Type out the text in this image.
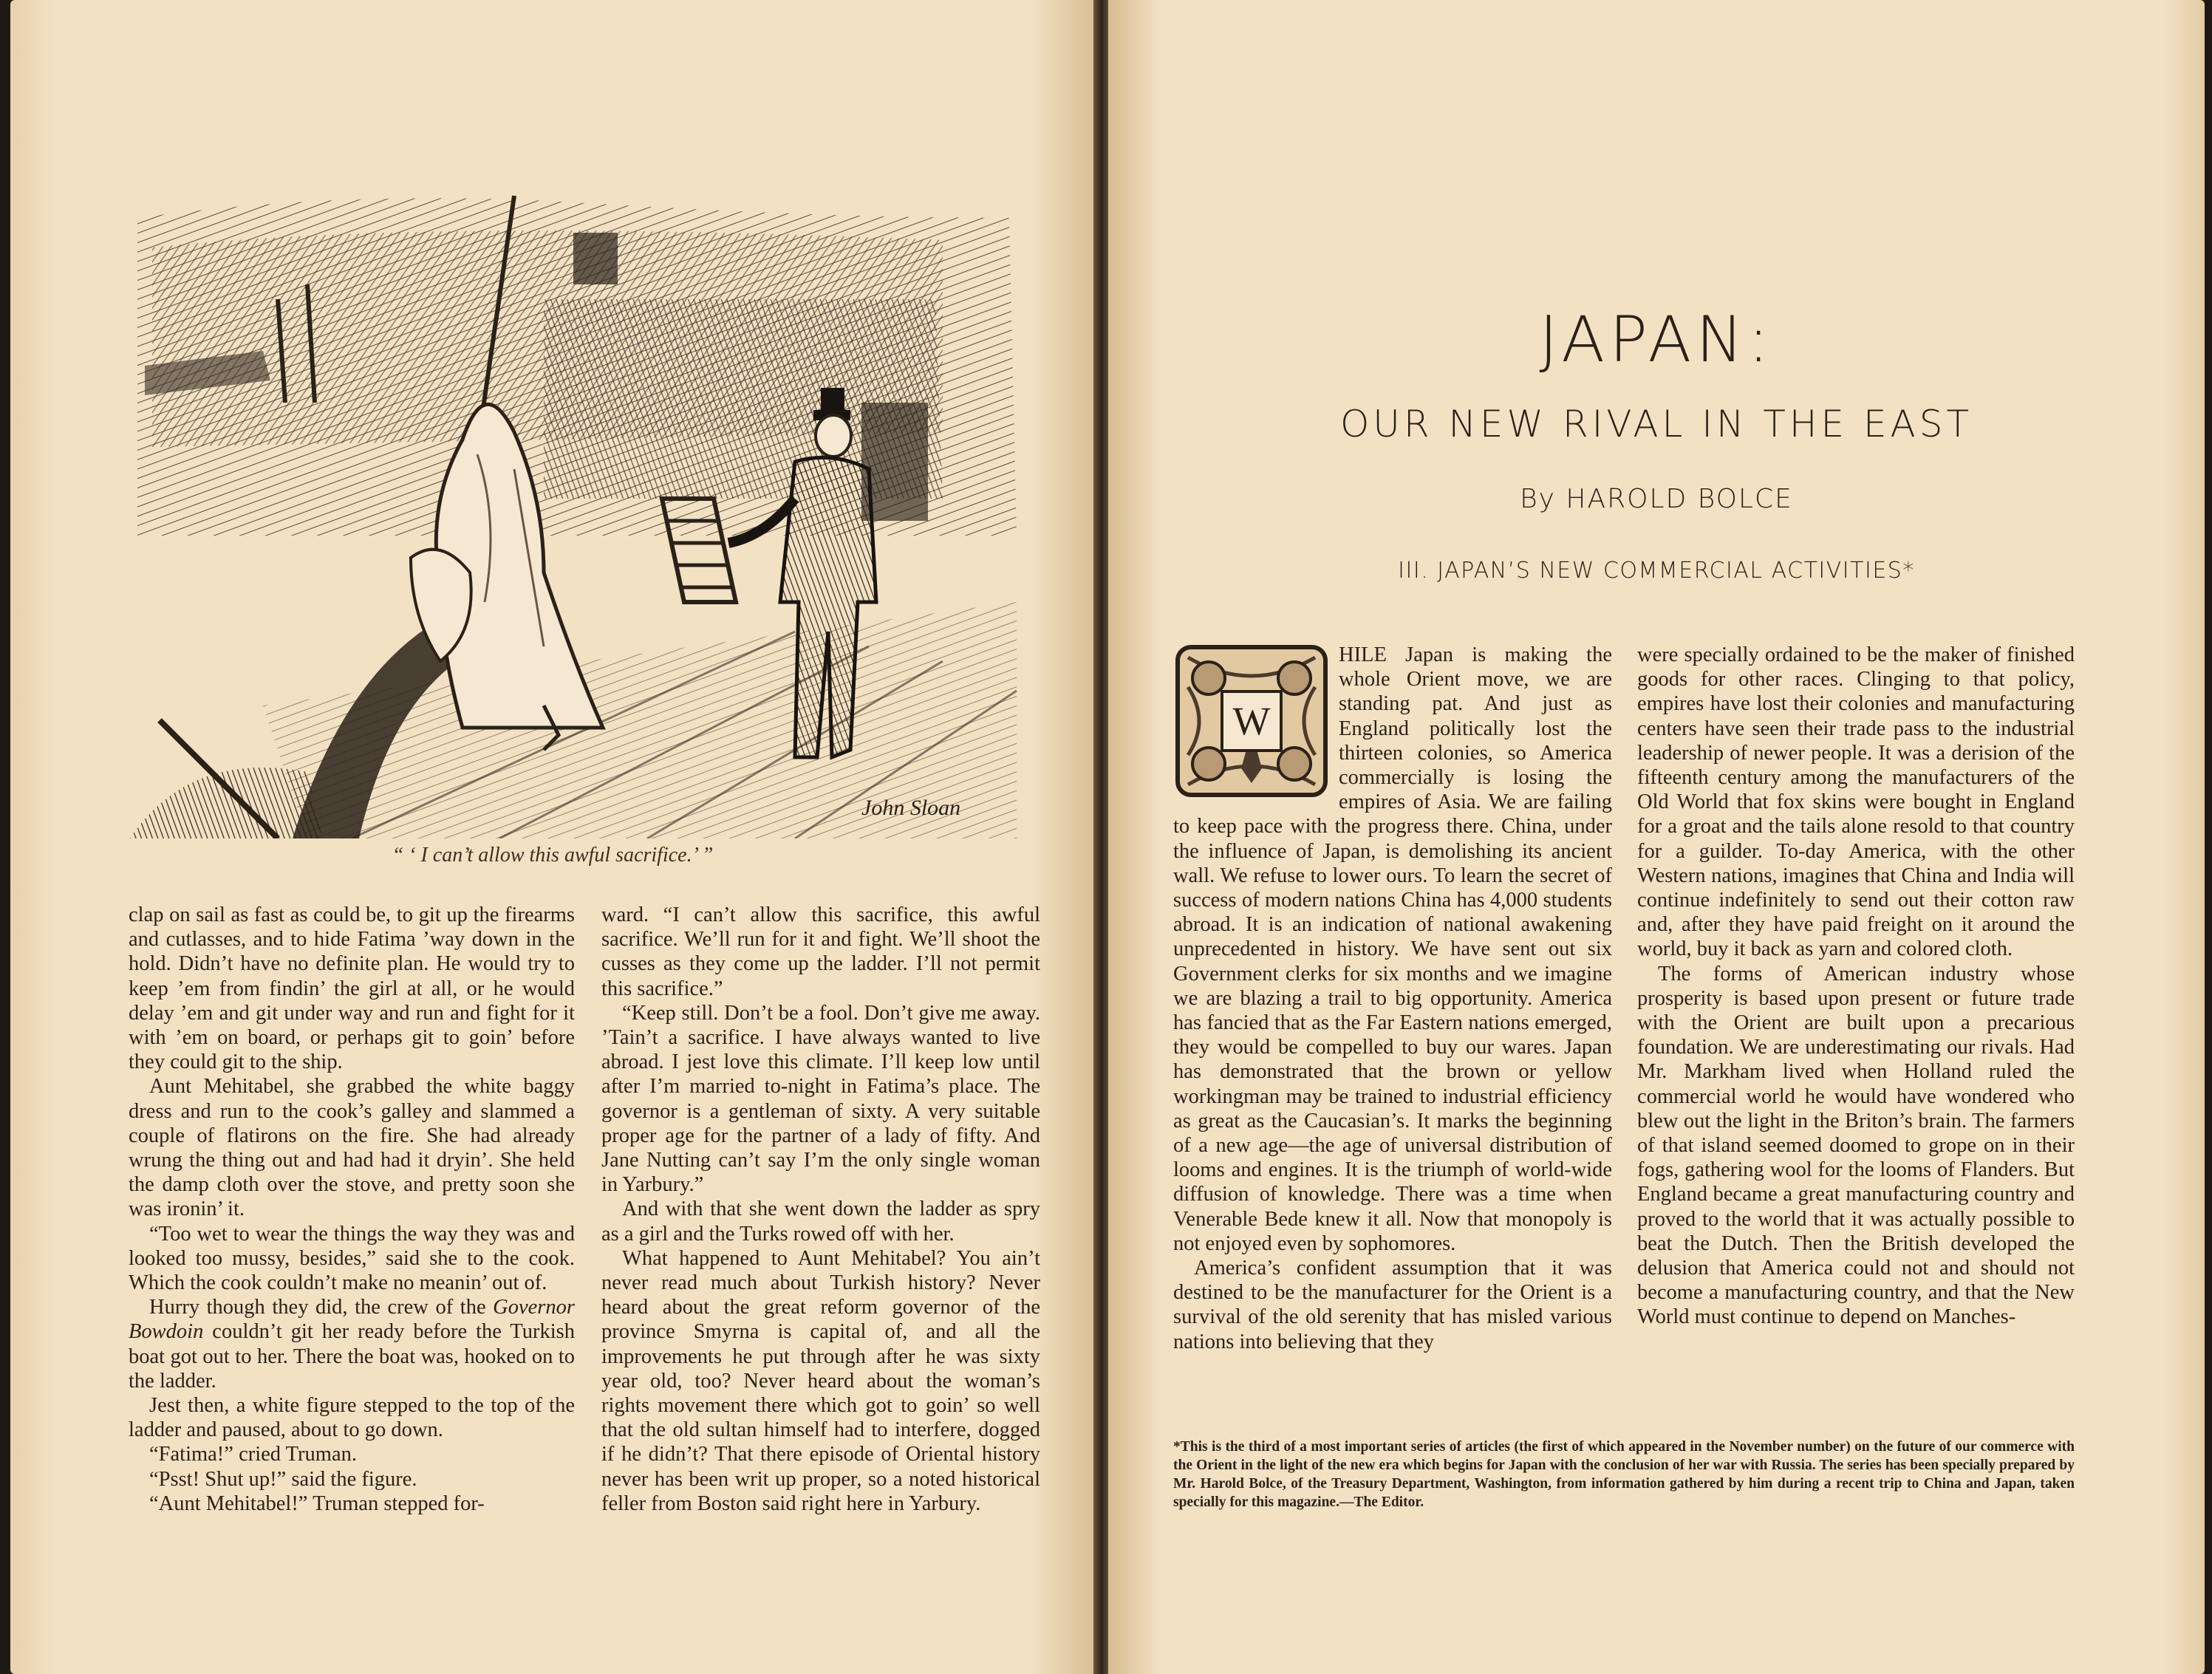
John Sloan
“ ‘ I can’t allow this awful sacrifice.’ ”

clap on sail as fast as could be, to git up the firearms and cutlasses, and to hide Fatima ’way down in the hold. Didn’t have no definite plan. He would try to keep ’em from findin’ the girl at all, or he would delay ’em and git under way and run and fight for it with ’em on board, or perhaps git to goin’ before they could git to the ship.

Aunt Mehitabel, she grabbed the white baggy dress and run to the cook’s galley and slammed a couple of flatirons on the fire. She had already wrung the thing out and had had it dryin’. She held the damp cloth over the stove, and pretty soon she was ironin’ it.

“Too wet to wear the things the way they was and looked too mussy, besides,” said she to the cook. Which the cook couldn’t make no meanin’ out of.

Hurry though they did, the crew of the Governor Bowdoin couldn’t git her ready before the Turkish boat got out to her. There the boat was, hooked on to the ladder.

Jest then, a white figure stepped to the top of the ladder and paused, about to go down.

“Fatima!” cried Truman.

“Psst! Shut up!” said the figure.

“Aunt Mehitabel!” Truman stepped for-

ward. “I can’t allow this sacrifice, this awful sacrifice. We’ll run for it and fight. We’ll shoot the cusses as they come up the ladder. I’ll not permit this sacrifice.”

“Keep still. Don’t be a fool. Don’t give me away. ’Tain’t a sacrifice. I have always wanted to live abroad. I jest love this climate. I’ll keep low until after I’m married to-night in Fatima’s place. The governor is a gentleman of sixty. A very suitable proper age for the partner of a lady of fifty. And Jane Nutting can’t say I’m the only single woman in Yarbury.”

And with that she went down the ladder as spry as a girl and the Turks rowed off with her.

What happened to Aunt Mehitabel? You ain’t never read much about Turkish history? Never heard about the great reform governor of the province Smyrna is capital of, and all the improvements he put through after he was sixty year old, too? Never heard about the woman’s rights movement there which got to goin’ so well that the old sultan himself had to interfere, dogged if he didn’t? That there episode of Oriental history never has been writ up proper, so a noted historical feller from Boston said right here in Yarbury.

JAPAN:
OUR NEW RIVAL IN THE EAST
By HAROLD BOLCE
III. JAPAN’S NEW COMMERCIAL ACTIVITIES*
W

HILE Japan is making the whole Orient move, we are standing pat. And just as England politically lost the thirteen colonies, so America commercially is losing the empires of Asia. We are failing to keep pace with the progress there. China, under the influence of Japan, is demolishing its ancient wall. We refuse to lower ours. To learn the secret of success of modern nations China has 4,000 students abroad. It is an indication of national awakening unprecedented in history. We have sent out six Government clerks for six months and we imagine we are blazing a trail to big opportunity. America has fancied that as the Far Eastern nations emerged, they would be compelled to buy our wares. Japan has demonstrated that the brown or yellow workingman may be trained to industrial efficiency as great as the Caucasian’s. It marks the beginning of a new age—the age of universal distribution of looms and engines. It is the triumph of world-wide diffusion of knowledge. There was a time when Venerable Bede knew it all. Now that monopoly is not enjoyed even by sophomores.

America’s confident assumption that it was destined to be the manufacturer for the Orient is a survival of the old serenity that has misled various nations into believing that they

were specially ordained to be the maker of finished goods for other races. Clinging to that policy, empires have lost their colonies and manufacturing centers have seen their trade pass to the industrial leadership of newer people. It was a derision of the fifteenth century among the manufacturers of the Old World that fox skins were bought in England for a groat and the tails alone resold to that country for a guilder. To-day America, with the other Western nations, imagines that China and India will continue indefinitely to send out their cotton raw and, after they have paid freight on it around the world, buy it back as yarn and colored cloth.

The forms of American industry whose prosperity is based upon present or future trade with the Orient are built upon a precarious foundation. We are underestimating our rivals. Had Mr. Markham lived when Holland ruled the commercial world he would have wondered who blew out the light in the Briton’s brain. The farmers of that island seemed doomed to grope on in their fogs, gathering wool for the looms of Flanders. But England became a great manufacturing country and proved to the world that it was actually possible to beat the Dutch. Then the British developed the delusion that America could not and should not become a manufacturing country, and that the New World must continue to depend on Manches-

*This is the third of a most important series of articles (the first of which appeared in the November number) on the future of our commerce with the Orient in the light of the new era which begins for Japan with the conclusion of her war with Russia. The series has been specially prepared by Mr. Harold Bolce, of the Treasury Department, Washington, from information gathered by him during a recent trip to China and Japan, taken specially for this magazine.—The Editor.
